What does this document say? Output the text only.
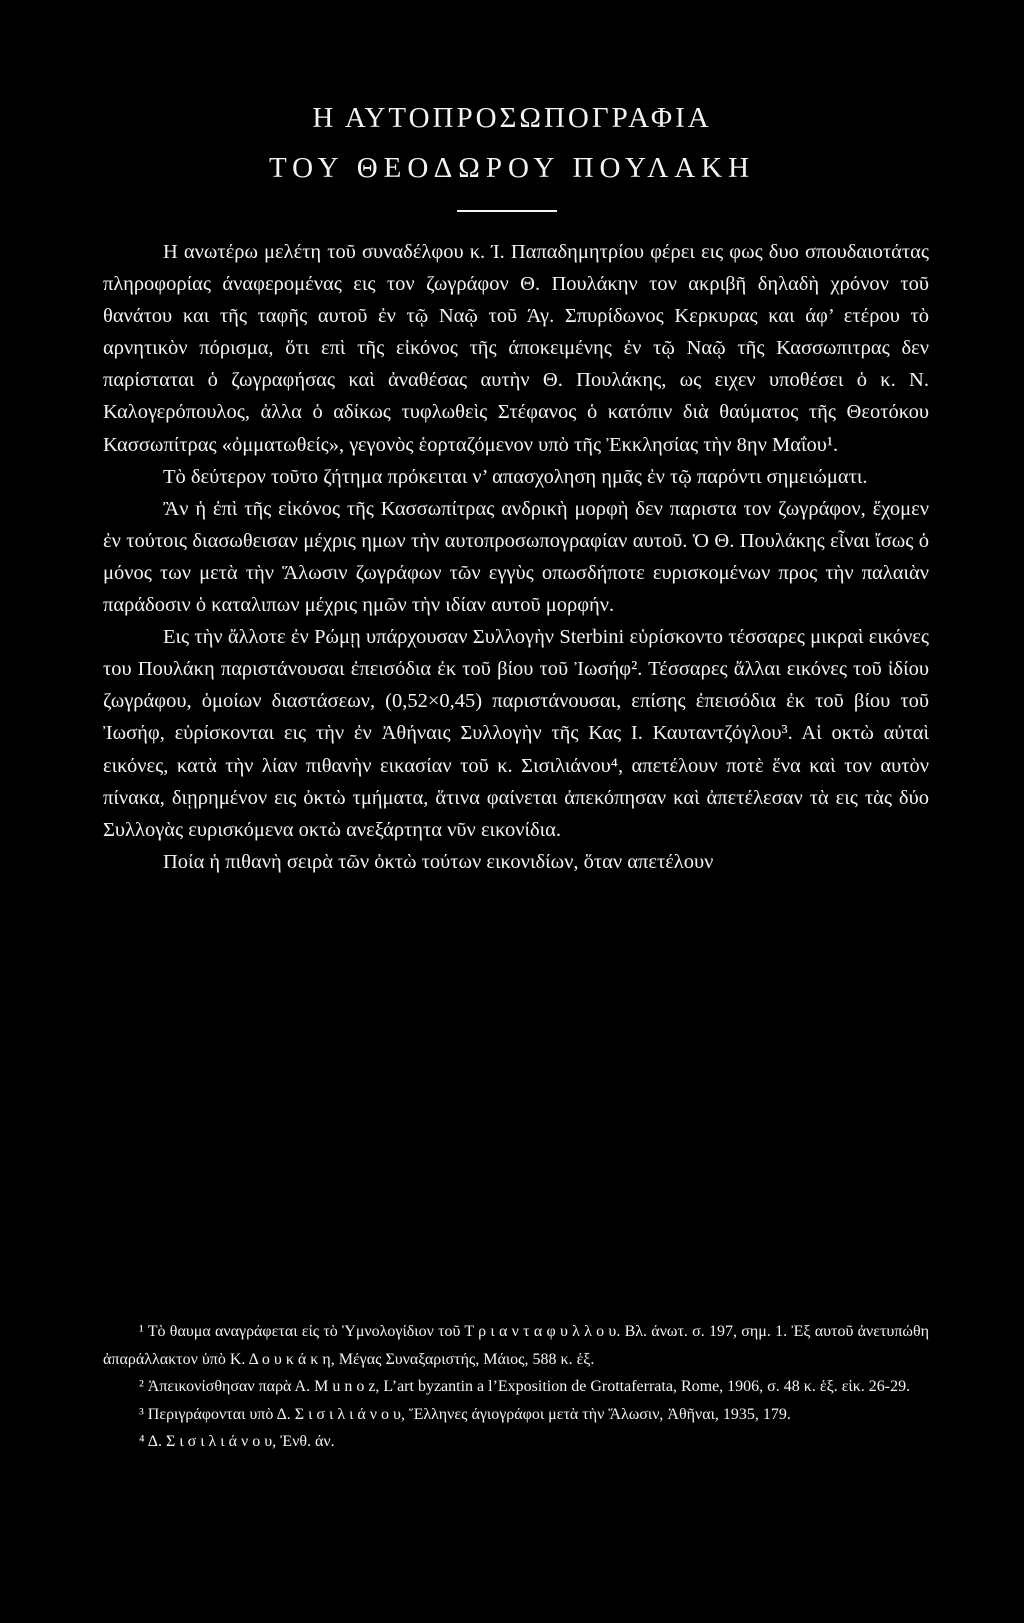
Η ΑΥΤΟΠΡΟΣΩΠΟΓΡΑΦΙΑ
ΤΟΥ ΘΕΟΔΩΡΟΥ ΠΟΥΛΑΚΗ

Η ανωτέρω μελέτη τοῦ συναδέλφου κ. Ί. Παπαδημητρίου φέρει εις φως δυο σπουδαιοτάτας πληροφορίας άναφερομένας εις τον ζωγράφον Θ. Πουλάκην τον ακριβῆ δηλαδὴ χρόνον τοῦ θανάτου και τῆς ταφῆς αυτοῦ ἐν τῷ Ναῷ τοῦ Άγ. Σπυρίδωνος Κερκυρας και άφ’ ετέρου τὸ αρνητικὸν πόρισμα, ὅτι επὶ τῆς εἰκόνος τῆς άποκειμένης ἐν τῷ Ναῷ τῆς Κασσωπιτρας δεν παρίσταται ὁ ζωγραφήσας καὶ ἀναθέσας αυτὴν Θ. Πουλάκης, ως ειχεν υποθέσει ὁ κ. Ν. Καλογερόπουλος, ἀλλα ὁ αδίκως τυφλωθεὶς Στέφανος ὁ κατόπιν διὰ θαύματος τῆς Θεοτόκου Κασσωπίτρας «ὀμματωθείς», γεγονὸς ἑορταζόμενον υπὸ τῆς Ἐκκλησίας τὴν 8ην Μαΐου¹.

Τὸ δεύτερον τοῦτο ζήτημα πρόκειται ν’ απασχοληση ημᾶς ἐν τῷ παρόντι σημειώματι.

Ἂν ἡ ἐπὶ τῆς εἰκόνος τῆς Κασσωπίτρας ανδρικὴ μορφὴ δεν παριστα τον ζωγράφον, ἔχομεν ἐν τούτοις διασωθεισαν μέχρις ημων τὴν αυτοπροσωπογραφίαν αυτοῦ. Ὁ Θ. Πουλάκης εἶναι ἴσως ὁ μόνος των μετὰ τὴν Ἅλωσιν ζωγράφων τῶν εγγὺς οπωσδήποτε ευρισκομένων προς τὴν παλαιὰν παράδοσιν ὁ καταλιπων μέχρις ημῶν τὴν ιδίαν αυτοῦ μορφήν.

Εις τὴν ἄλλοτε ἐν Ρώμῃ υπάρχουσαν Συλλογὴν Sterbini εὑρίσκοντο τέσσαρες μικραὶ εικόνες του Πουλάκη παριστάνουσαι ἐπεισόδια ἐκ τοῦ βίου τοῦ Ἰωσήφ². Τέσσαρες ἄλλαι εικόνες τοῦ ἰδίου ζωγράφου, ὁμοίων διαστάσεων, (0,52×0,45) παριστάνουσαι, επίσης ἐπεισόδια ἐκ τοῦ βίου τοῦ Ἰωσήφ, εὑρίσκονται εις τὴν ἐν Ἀθήναις Συλλογὴν τῆς Κας Ι. Καυταντζόγλου³. Αἱ οκτὼ αὐταὶ εικόνες, κατὰ τὴν λίαν πιθανὴν εικασίαν τοῦ κ. Σισιλιάνου⁴, απετέλουν ποτὲ ἕνα καὶ τον αυτὸν πίνακα, διῃρημένον εις ὀκτὼ τμήματα, ἅτινα φαίνεται ἀπεκόπησαν καὶ ἀπετέλεσαν τὰ εις τὰς δύο Συλλογὰς ευρισκόμενα οκτὼ ανεξάρτητα νῦν εικονίδια.

Ποία ἡ πιθανὴ σειρὰ τῶν ὀκτὼ τούτων εικονιδίων, ὅταν απετέλουν

¹ Τὸ θαυμα αναγράφεται είς τὸ Ὑμνολογίδιον τοῦ Τ ρ ι α ν τ α φ υ λ λ ο υ. Βλ. άνωτ. σ. 197, σημ. 1. Ἐξ αυτοῦ ἀνετυπώθη ἀπαράλλακτον ὑπὸ Κ. Δ ο υ κ ά κ η, Μέγας Συναξαριστής, Μάιος, 588 κ. ἑξ.

² Ἀπεικονίσθησαν παρὰ Α. M u n o z, L’art byzantin a l’Exposition de Grottaferrata, Rome, 1906, σ. 48 κ. ἑξ. εἰκ. 26-29.

³ Περιγράφονται υπὸ Δ. Σ ι σ ι λ ι ά ν ο υ, Ἕλληνες άγιογράφοι μετὰ τὴν Ἅλωσιν, Ἀθῆναι, 1935, 179.

⁴ Δ. Σ ι σ ι λ ι ά ν ο υ, Ἐνθ. άν.
